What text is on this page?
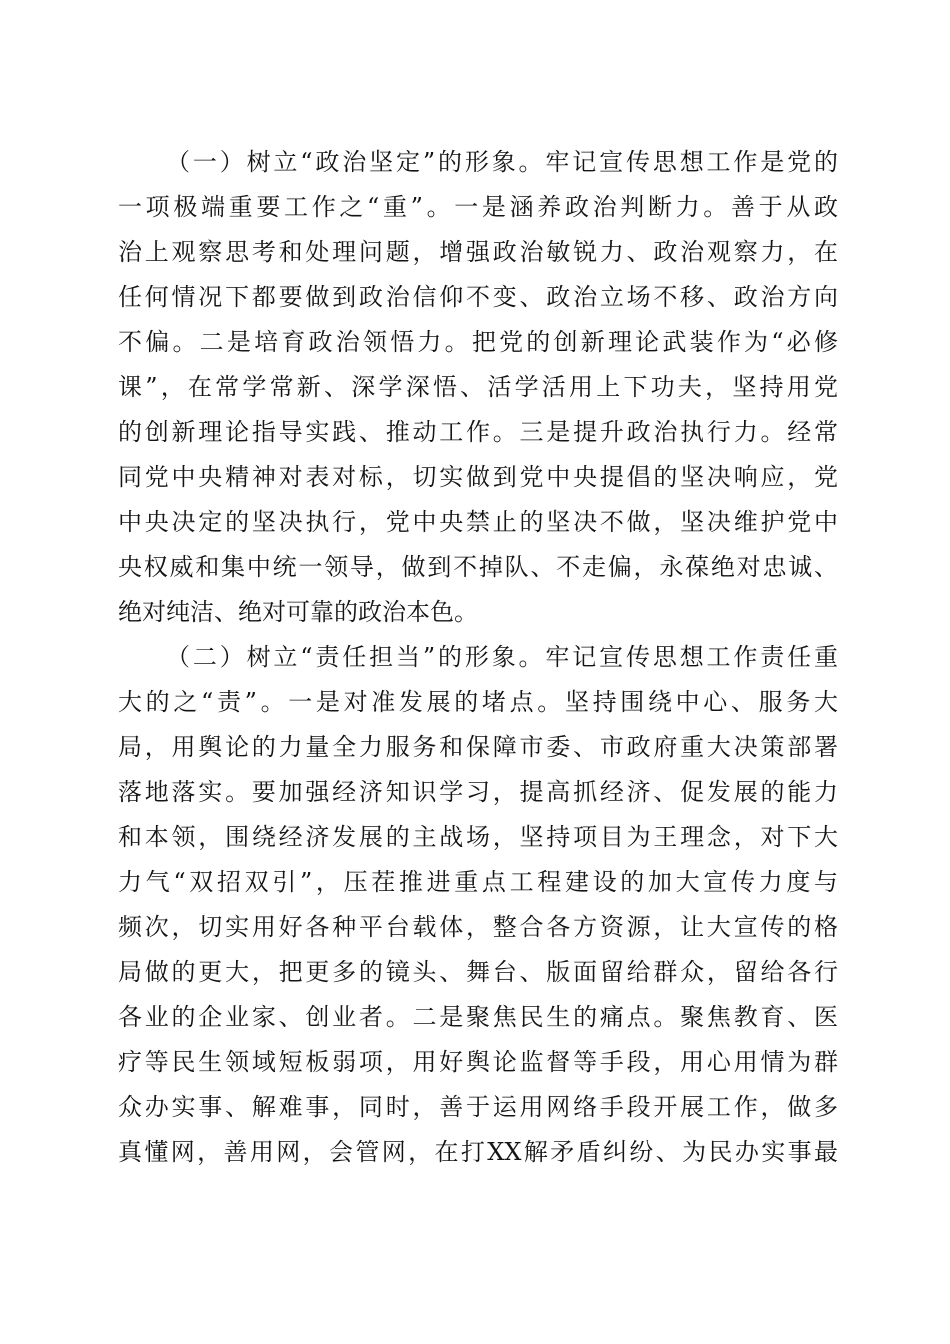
（一）树立“政治坚定”的形象。牢记宣传思想工作是党的
一项极端重要工作之“重”。一是涵养政治判断力。善于从政
治上观察思考和处理问题，增强政治敏锐力、政治观察力，在
任何情况下都要做到政治信仰不变、政治立场不移、政治方向
不偏。二是培育政治领悟力。把党的创新理论武装作为“必修
课”，在常学常新、深学深悟、活学活用上下功夫，坚持用党
的创新理论指导实践、推动工作。三是提升政治执行力。经常
同党中央精神对表对标，切实做到党中央提倡的坚决响应，党
中央决定的坚决执行，党中央禁止的坚决不做，坚决维护党中
央权威和集中统一领导，做到不掉队、不走偏，永葆绝对忠诚、
绝对纯洁、绝对可靠的政治本色。
（二）树立“责任担当”的形象。牢记宣传思想工作责任重
大的之“责”。一是对准发展的堵点。坚持围绕中心、服务大
局，用舆论的力量全力服务和保障市委、市政府重大决策部署
落地落实。要加强经济知识学习，提高抓经济、促发展的能力
和本领，围绕经济发展的主战场，坚持项目为王理念，对下大
力气“双招双引”，压茬推进重点工程建设的加大宣传力度与
频次，切实用好各种平台载体，整合各方资源，让大宣传的格
局做的更大，把更多的镜头、舞台、版面留给群众，留给各行
各业的企业家、创业者。二是聚焦民生的痛点。聚焦教育、医
疗等民生领域短板弱项，用好舆论监督等手段，用心用情为群
众办实事、解难事，同时，善于运用网络手段开展工作，做多
真懂网，善用网，会管网，在打XX解矛盾纠纷、为民办实事最
